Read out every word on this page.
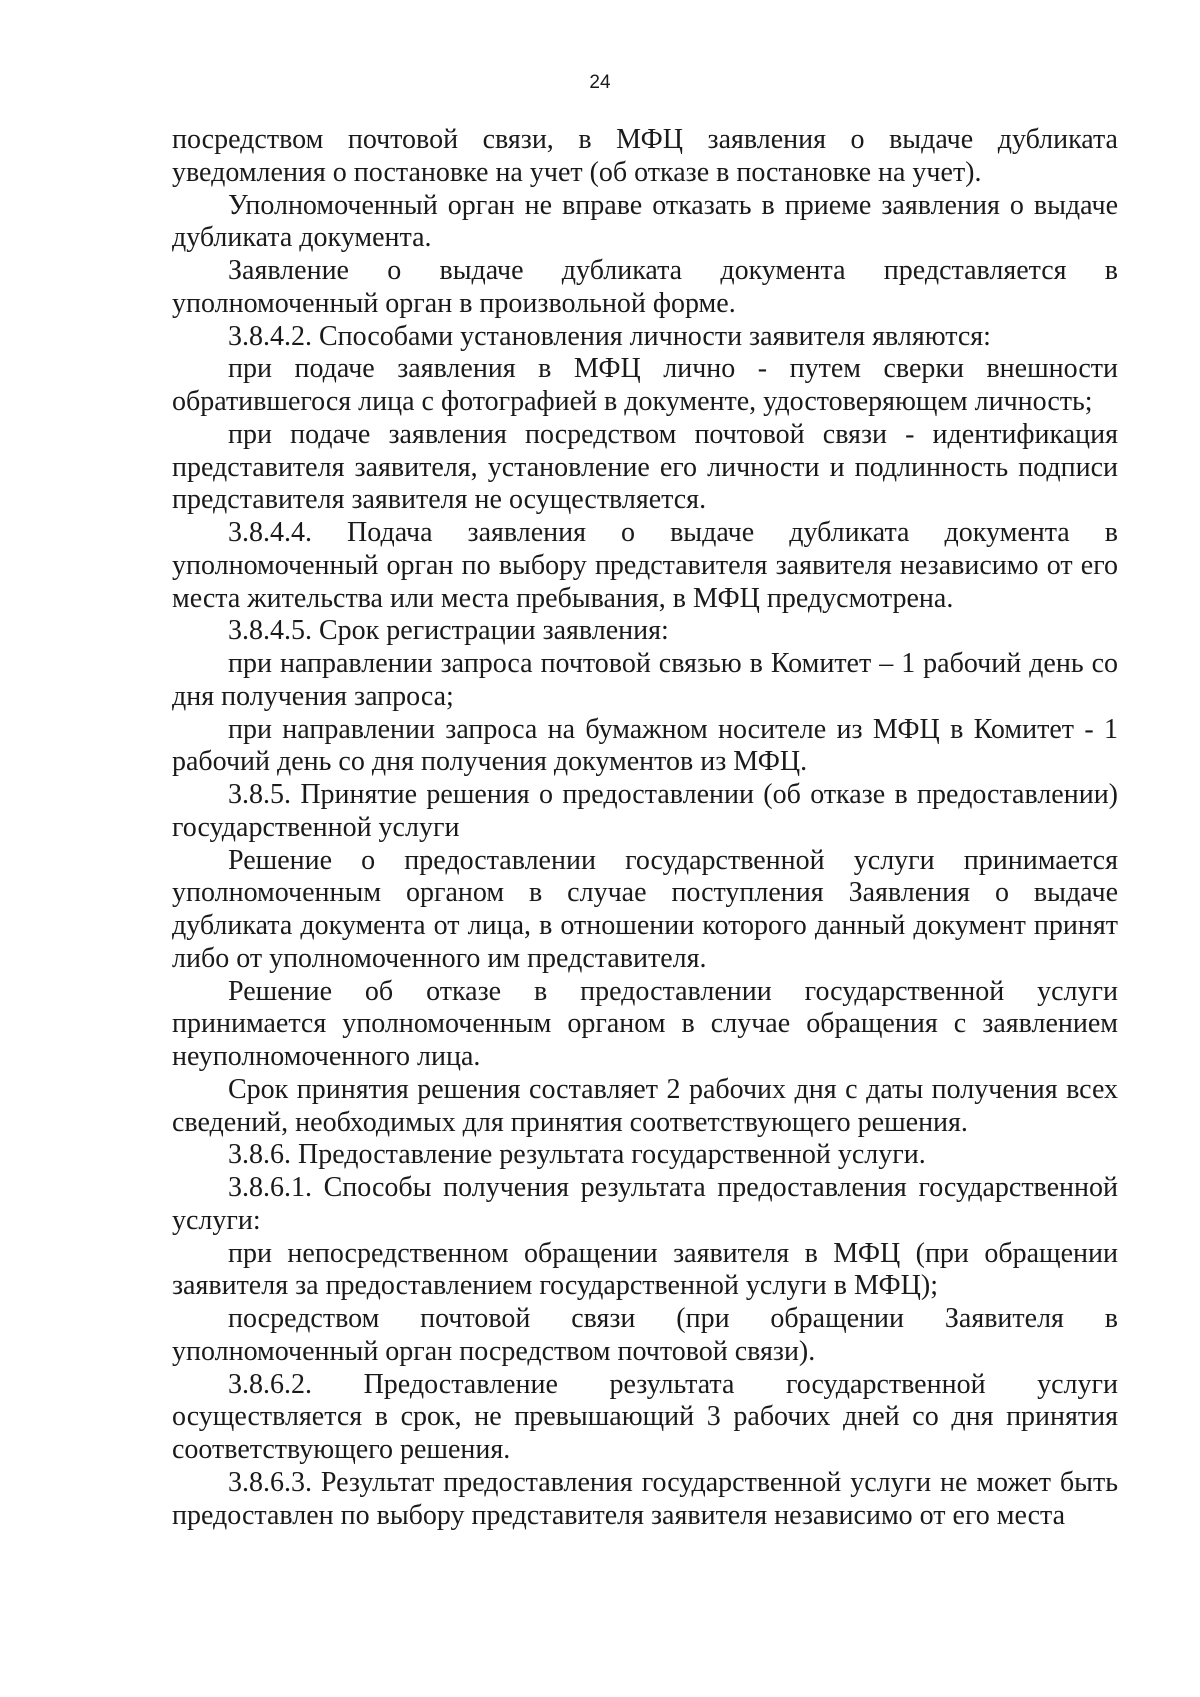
24

посредством почтовой связи, в МФЦ заявления о выдаче дубликата уведомления о постановке на учет (об отказе в постановке на учет).

Уполномоченный орган не вправе отказать в приеме заявления о выдаче дубликата документа.

Заявление о выдаче дубликата документа представляется в уполномоченный орган в произвольной форме.

3.8.4.2. Способами установления личности заявителя являются:

при подаче заявления в МФЦ лично - путем сверки внешности обратившегося лица с фотографией в документе, удостоверяющем личность;

при подаче заявления посредством почтовой связи - идентификация представителя заявителя, установление его личности и подлинность подписи представителя заявителя не осуществляется.

3.8.4.4. Подача заявления о выдаче дубликата документа в уполномоченный орган по выбору представителя заявителя независимо от его места жительства или места пребывания, в МФЦ предусмотрена.

3.8.4.5. Срок регистрации заявления:

при направлении запроса почтовой связью в Комитет – 1 рабочий день со дня получения запроса;

при направлении запроса на бумажном носителе из МФЦ в Комитет - 1 рабочий день со дня получения документов из МФЦ.

3.8.5. Принятие решения о предоставлении (об отказе в предоставлении) государственной услуги

Решение о предоставлении государственной услуги принимается уполномоченным органом в случае поступления Заявления о выдаче дубликата документа от лица, в отношении которого данный документ принят либо от уполномоченного им представителя.

Решение об отказе в предоставлении государственной услуги принимается уполномоченным органом в случае обращения с заявлением неуполномоченного лица.

Срок принятия решения составляет 2 рабочих дня с даты получения всех сведений, необходимых для принятия соответствующего решения.

3.8.6. Предоставление результата государственной услуги.

3.8.6.1. Способы получения результата предоставления государственной услуги:

при непосредственном обращении заявителя в МФЦ (при обращении заявителя за предоставлением государственной услуги в МФЦ);

посредством почтовой связи (при обращении Заявителя в уполномоченный орган посредством почтовой связи).

3.8.6.2. Предоставление результата государственной услуги осуществляется в срок, не превышающий 3 рабочих дней со дня принятия соответствующего решения.

3.8.6.3. Результат предоставления государственной услуги не может быть предоставлен по выбору представителя заявителя независимо от его места
